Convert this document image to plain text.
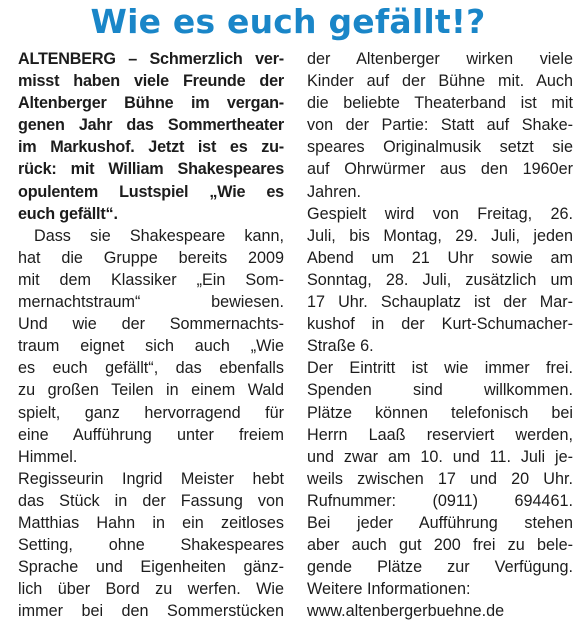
Wie es euch gefällt!?
ALTENBERG – Schmerzlich ver-
misst haben viele Freunde der
Altenberger Bühne im vergan-
genen Jahr das Sommertheater
im Markushof. Jetzt ist es zu-
rück: mit William Shakespeares
opulentem Lustspiel „Wie es
euch gefällt“.
Dass sie Shakespeare kann,
hat die Gruppe bereits 2009
mit dem Klassiker „Ein Som-
mernachtstraum“ bewiesen.
Und wie der Sommernachts-
traum eignet sich auch „Wie
es euch gefällt“, das ebenfalls
zu großen Teilen in einem Wald
spielt, ganz hervorragend für
eine Aufführung unter freiem
Himmel.
Regisseurin Ingrid Meister hebt
das Stück in der Fassung von
Matthias Hahn in ein zeitloses
Setting, ohne Shakespeares
Sprache und Eigenheiten gänz-
lich über Bord zu werfen. Wie
immer bei den Sommerstücken
der Altenberger wirken viele
Kinder auf der Bühne mit. Auch
die beliebte Theaterband ist mit
von der Partie: Statt auf Shake-
speares Originalmusik setzt sie
auf Ohrwürmer aus den 1960er
Jahren.
Gespielt wird von Freitag, 26.
Juli, bis Montag, 29. Juli, jeden
Abend um 21 Uhr sowie am
Sonntag, 28. Juli, zusätzlich um
17 Uhr. Schauplatz ist der Mar-
kushof in der Kurt-Schumacher-
Straße 6.
Der Eintritt ist wie immer frei.
Spenden sind willkommen.
Plätze können telefonisch bei
Herrn Laaß reserviert werden,
und zwar am 10. und 11. Juli je-
weils zwischen 17 und 20 Uhr.
Rufnummer: (0911) 694461.
Bei jeder Aufführung stehen
aber auch gut 200 frei zu bele-
gende Plätze zur Verfügung.
Weitere Informationen:
www.altenbergerbuehne.de
